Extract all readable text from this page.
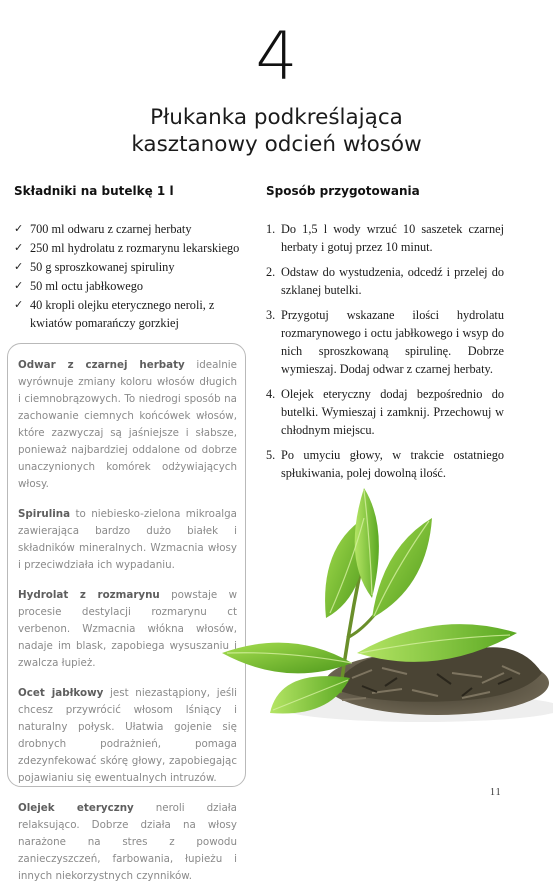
4
Płukanka podkreślająca
kasztanowy odcień włosów
Składniki na butelkę 1 l	Sposób przygotowania
✓ 700 ml odwaru z czarnej herbaty
✓ 250 ml hydrolatu z rozmarynu lekarskiego
✓ 50 g sproszkowanej spiruliny
✓ 50 ml octu jabłkowego
✓ 40 kropli olejku eterycznego neroli, z kwiatów pomarańczy gorzkiej
1. Do 1,5 l wody wrzuć 10 saszetek czarnej herbaty i gotuj przez 10 minut.
2. Odstaw do wystudzenia, odcedź i przelej do szklanej butelki.
3. Przygotuj wskazane ilości hydrolatu rozmarynowego i octu jabłkowego i wsyp do nich sproszkowaną spirulinę. Dobrze wymieszaj. Dodaj odwar z czarnej herbaty.
4. Olejek eteryczny dodaj bezpośrednio do butelki. Wymieszaj i zamknij. Przechowuj w chłodnym miejscu.
5. Po umyciu głowy, w trakcie ostatniego spłukiwania, polej dowolną ilość.

Odwar z czarnej herbaty idealnie wyrównuje zmiany koloru włosów długich i ciemnobrązowych. To niedrogi sposób na zachowanie ciemnych końcówek włosów, które zazwyczaj są jaśniejsze i słabsze, ponieważ najbardziej oddalone od dobrze unaczynionych komórek odżywiających włosy.

Spirulina to niebiesko-zielona mikroalga zawierająca bardzo dużo białek i składników mineralnych. Wzmacnia włosy i przeciwdziała ich wypadaniu.

Hydrolat z rozmarynu powstaje w procesie destylacji rozmarynu ct verbenon. Wzmacnia włókna włosów, nadaje im blask, zapobiega wysuszaniu i zwalcza łupież.

Ocet jabłkowy jest niezastąpiony, jeśli chcesz przywrócić włosom lśniący i naturalny połysk. Ułatwia gojenie się drobnych podrażnień, pomaga zdezynfekować skórę głowy, zapobiegając pojawianiu się ewentualnych intruzów.

Olejek eteryczny neroli działa relaksująco. Dobrze działa na włosy narażone na stres z powodu zanieczyszczeń, farbowania, łupieżu i innych niekorzystnych czynników.

11
